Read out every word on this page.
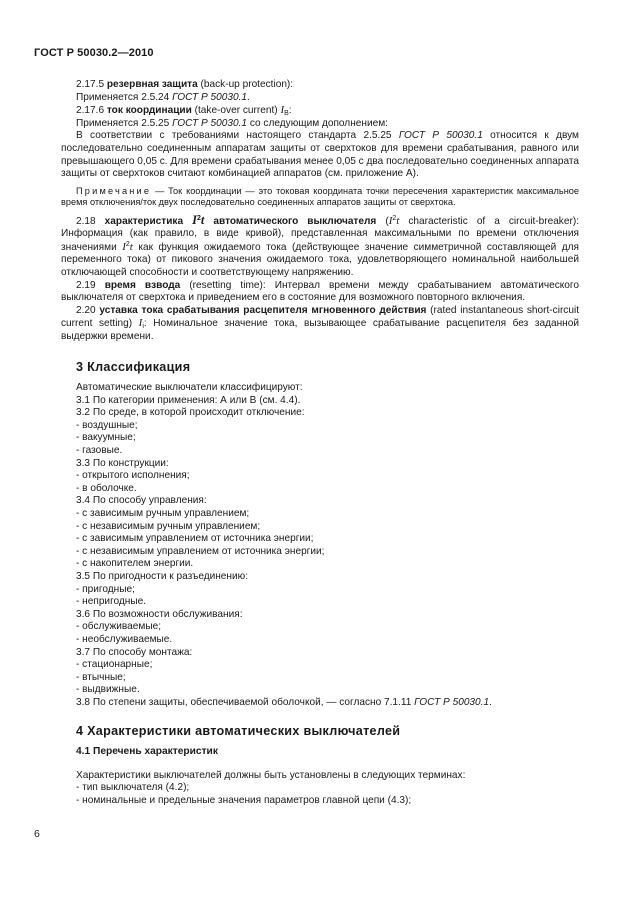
ГОСТ Р 50030.2—2010

2.17.5 резервная защита (back-up protection):

Применяется 2.5.24 ГОСТ Р 50030.1.

2.17.6 ток координации (take-over current) $I_B$:

Применяется 2.5.25 ГОСТ Р 50030.1 со следующим дополнением:

В соответствии с требованиями настоящего стандарта 2.5.25 ГОСТ Р 50030.1 относится к двум последовательно соединенным аппаратам защиты от сверхтоков для времени срабатывания, равного или превышающего 0,05 с. Для времени срабатывания менее 0,05 с два последовательно соединенных аппарата защиты от сверхтоков считают комбинацией аппаратов (см. приложение А).

Примечание — Ток координации — это токовая координата точки пересечения характеристик максимальное время отключения/ток двух последовательно соединенных аппаратов защиты от сверхтока.

2.18 характеристика $I^2t$ автоматического выключателя ($I^2t$ characteristic of a circuit-breaker): Информация (как правило, в виде кривой), представленная максимальными по времени отключения значениями $I^2t$ как функция ожидаемого тока (действующее значение симметричной составляющей для переменного тока) от пикового значения ожидаемого тока, удовлетворяющего номинальной наибольшей отключающей способности и соответствующему напряжению.

2.19 время взвода (resetting time): Интервал времени между срабатыванием автоматического выключателя от сверхтока и приведением его в состояние для возможного повторного включения.

2.20 уставка тока срабатывания расцепителя мгновенного действия (rated instantaneous short-circuit current setting) $I_i$: Номинальное значение тока, вызывающее срабатывание расцепителя без заданной выдержки времени.

3 Классификация

Автоматические выключатели классифицируют:

3.1 По категории применения: А или В (см. 4.4).

3.2 По среде, в которой происходит отключение:

- воздушные;

- вакуумные;

- газовые.

3.3 По конструкции:

- открытого исполнения;

- в оболочке.

3.4 По способу управления:

- с зависимым ручным управлением;

- с независимым ручным управлением;

- с зависимым управлением от источника энергии;

- с независимым управлением от источника энергии;

- с накопителем энергии.

3.5 По пригодности к разъединению:

- пригодные;

- непригодные.

3.6 По возможности обслуживания:

- обслуживаемые;

- необслуживаемые.

3.7 По способу монтажа:

- стационарные;

- втычные;

- выдвижные.

3.8 По степени защиты, обеспечиваемой оболочкой, — согласно 7.1.11 ГОСТ Р 50030.1.

4 Характеристики автоматических выключателей

4.1 Перечень характеристик

Характеристики выключателей должны быть установлены в следующих терминах:

- тип выключателя (4.2);

- номинальные и предельные значения параметров главной цепи (4.3);

6
